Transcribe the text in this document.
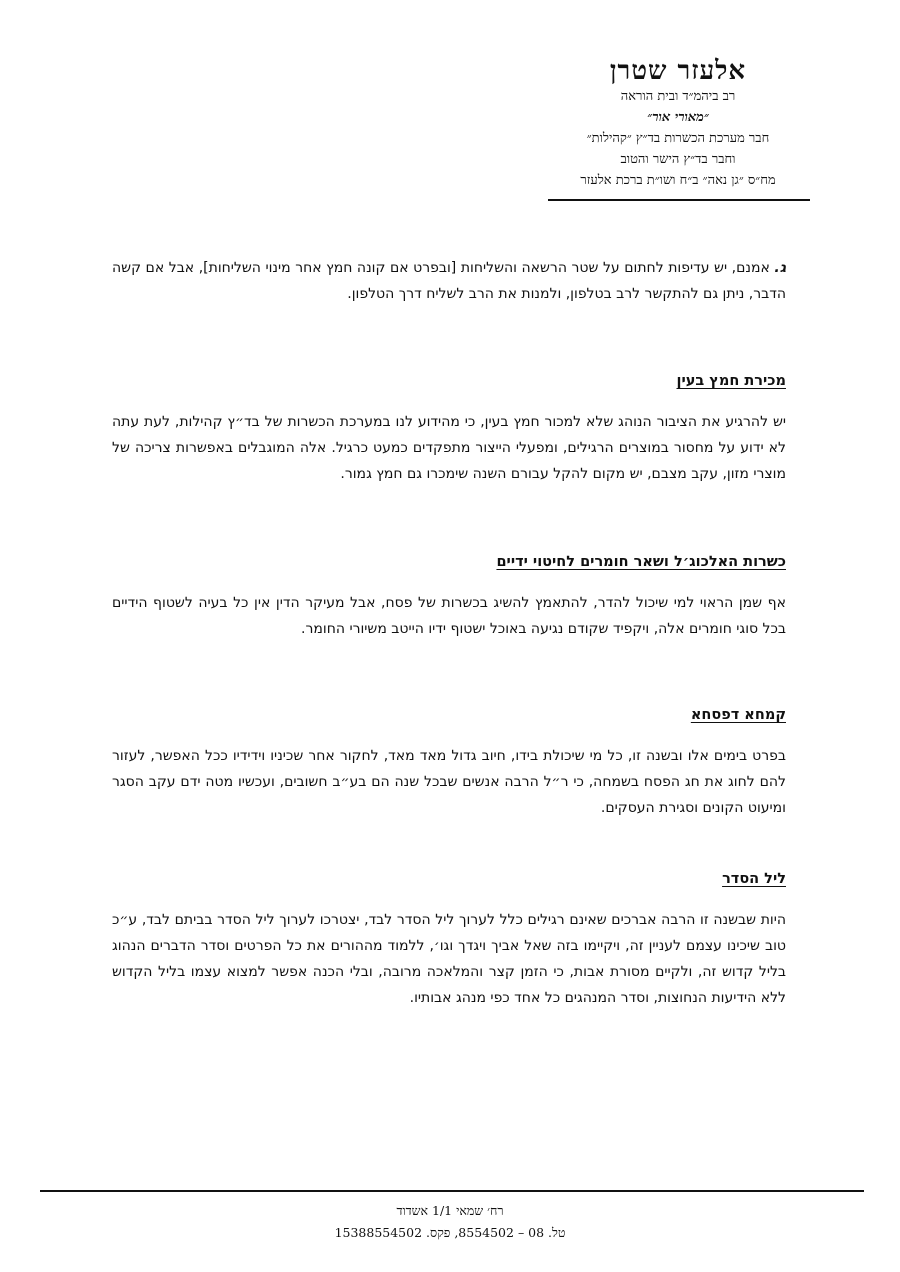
אלעזר שטרן
רב ביהמ״ד ובית הוראה
״מאורי אור״
חבר מערכת הכשרות בד״ץ ״קהילות״
וחבר בד״ץ הישר והטוב
מח״ס ״גן נאה״ ב״ח ושו״ת ברכת אלעזר
ג. אמנם, יש עדיפות לחתום על שטר הרשאה והשליחות [ובפרט אם קונה חמץ אחר מינוי השליחות], אבל אם קשה הדבר, ניתן גם להתקשר לרב בטלפון, ולמנות את הרב לשליח דרך הטלפון.
מכירת חמץ בעין
יש להרגיע את הציבור הנוהג שלא למכור חמץ בעין, כי מהידוע לנו במערכת הכשרות של בד״ץ קהילות, לעת עתה לא ידוע על מחסור במוצרים הרגילים, ומפעלי הייצור מתפקדים כמעט כרגיל. אלה המוגבלים באפשרות צריכה של מוצרי מזון, עקב מצבם, יש מקום להקל עבורם השנה שימכרו גם חמץ גמור.
כשרות האלכוג׳ל ושאר חומרים לחיטוי ידיים
אף שמן הראוי למי שיכול להדר, להתאמץ להשיג בכשרות של פסח, אבל מעיקר הדין אין כל בעיה לשטוף הידיים בכל סוגי חומרים אלה, ויקפיד שקודם נגיעה באוכל ישטוף ידיו הייטב משיורי החומר.
קמחא דפסחא
בפרט בימים אלו ובשנה זו, כל מי שיכולת בידו, חיוב גדול מאד מאד, לחקור אחר שכיניו וידידיו ככל האפשר, לעזור להם לחוג את חג הפסח בשמחה, כי ר״ל הרבה אנשים שבכל שנה הם בע״ב חשובים, ועכשיו מטה ידם עקב הסגר ומיעוט הקונים וסגירת העסקים.
ליל הסדר
היות שבשנה זו הרבה אברכים שאינם רגילים כלל לערוך ליל הסדר לבד, יצטרכו לערוך ליל הסדר בביתם לבד, ע״כ טוב שיכינו עצמם לעניין זה, ויקיימו בזה שאל אביך ויגדך וגו׳, ללמוד מההורים את כל הפרטים וסדר הדברים הנהוג בליל קדוש זה, ולקיים מסורת אבות, כי הזמן קצר והמלאכה מרובה, ובלי הכנה אפשר למצוא עצמו בליל הקדוש ללא הידיעות הנחוצות, וסדר המנהגים כל אחד כפי מנהג אבותיו.
רח׳ שמאי 1/1 אשדוד
טל. 08 – 8554502, פקס. 15388554502
